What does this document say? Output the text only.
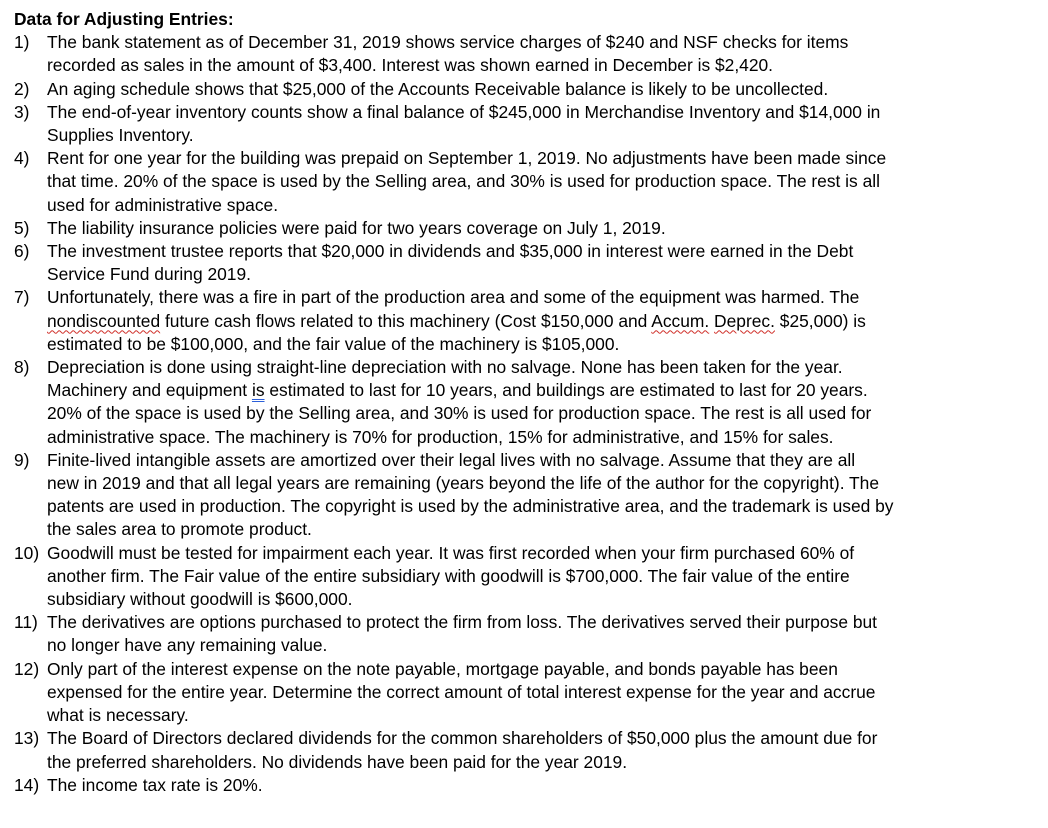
Data for Adjusting Entries:
1) The bank statement as of December 31, 2019 shows service charges of $240 and NSF checks for items
recorded as sales in the amount of $3,400. Interest was shown earned in December is $2,420.
2) An aging schedule shows that $25,000 of the Accounts Receivable balance is likely to be uncollected.
3) The end-of-year inventory counts show a final balance of $245,000 in Merchandise Inventory and $14,000 in
Supplies Inventory.
4) Rent for one year for the building was prepaid on September 1, 2019. No adjustments have been made since
that time. 20% of the space is used by the Selling area, and 30% is used for production space. The rest is all
used for administrative space.
5) The liability insurance policies were paid for two years coverage on July 1, 2019.
6) The investment trustee reports that $20,000 in dividends and $35,000 in interest were earned in the Debt
Service Fund during 2019.
7) Unfortunately, there was a fire in part of the production area and some of the equipment was harmed. The
nondiscounted future cash flows related to this machinery (Cost $150,000 and Accum. Deprec. $25,000) is
estimated to be $100,000, and the fair value of the machinery is $105,000.
8) Depreciation is done using straight-line depreciation with no salvage. None has been taken for the year.
Machinery and equipment is estimated to last for 10 years, and buildings are estimated to last for 20 years.
20% of the space is used by the Selling area, and 30% is used for production space. The rest is all used for
administrative space. The machinery is 70% for production, 15% for administrative, and 15% for sales.
9) Finite-lived intangible assets are amortized over their legal lives with no salvage. Assume that they are all
new in 2019 and that all legal years are remaining (years beyond the life of the author for the copyright). The
patents are used in production. The copyright is used by the administrative area, and the trademark is used by
the sales area to promote product.
10) Goodwill must be tested for impairment each year. It was first recorded when your firm purchased 60% of
another firm. The Fair value of the entire subsidiary with goodwill is $700,000. The fair value of the entire
subsidiary without goodwill is $600,000.
11) The derivatives are options purchased to protect the firm from loss. The derivatives served their purpose but
no longer have any remaining value.
12) Only part of the interest expense on the note payable, mortgage payable, and bonds payable has been
expensed for the entire year. Determine the correct amount of total interest expense for the year and accrue
what is necessary.
13) The Board of Directors declared dividends for the common shareholders of $50,000 plus the amount due for
the preferred shareholders. No dividends have been paid for the year 2019.
14) The income tax rate is 20%.
